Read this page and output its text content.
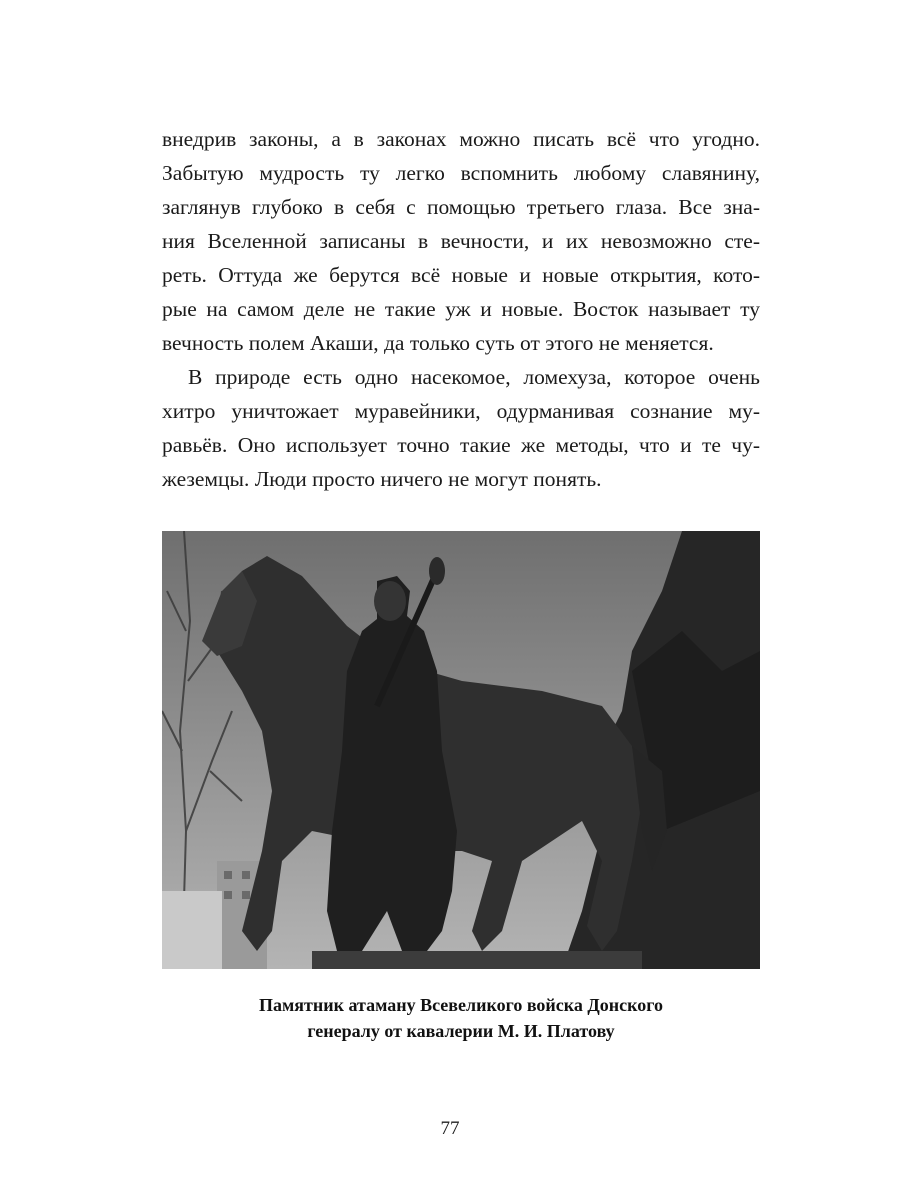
внедрив законы, а в законах можно писать всё что угодно.
Забытую мудрость ту легко вспомнить любому славянину,
заглянув глубоко в себя с помощью третьего глаза. Все зна-
ния Вселенной записаны в вечности, и их невозможно сте-
реть. Оттуда же берутся всё новые и новые открытия, кото-
рые на самом деле не такие уж и новые. Восток называет ту
вечность полем Акаши, да только суть от этого не меняется.
В природе есть одно насекомое, ломехуза, которое очень
хитро уничтожает муравейники, одурманивая сознание му-
равьёв. Оно использует точно такие же методы, что и те чу-
жеземцы. Люди просто ничего не могут понять.
Памятник атаману Всевеликого войска Донского
генералу от кавалерии М. И. Платову
77
